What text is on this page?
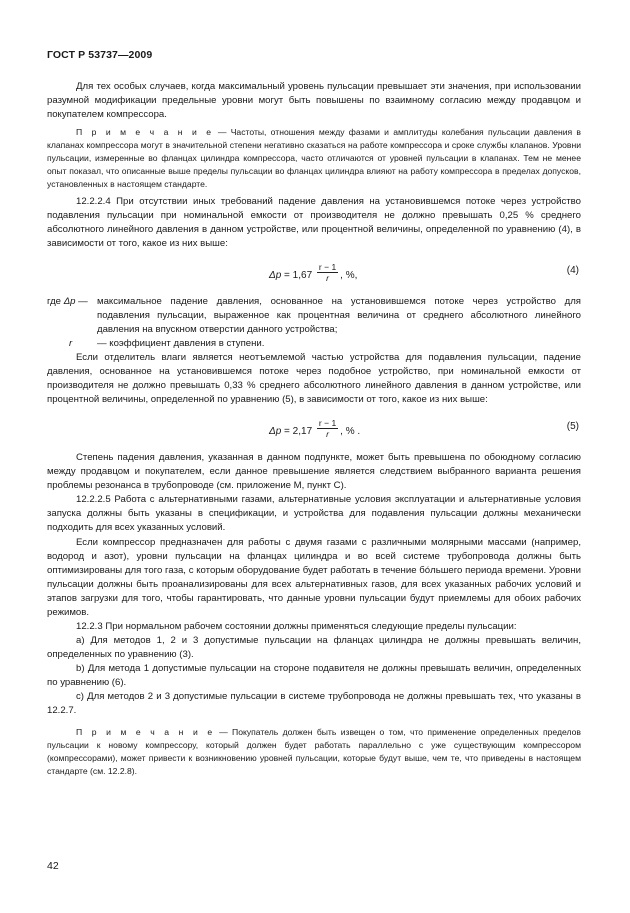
ГОСТ Р 53737—2009

Для тех особых случаев, когда максимальный уровень пульсации превышает эти значения, при использовании разумной модификации предельные уровни могут быть повышены по взаимному согласию между продавцом и покупателем компрессора.

П р и м е ч а н и е — Частоты, отношения между фазами и амплитуды колебания пульсации давления в клапанах компрессора могут в значительной степени негативно сказаться на работе компрессора и сроке службы клапанов. Уровни пульсации, измеренные во фланцах цилиндра компрессора, часто отличаются от уровней пульсации в клапанах. Тем не менее опыт показал, что описанные выше пределы пульсации во фланцах цилиндра влияют на работу компрессора в пределах допусков, установленных в настоящем стандарте.

12.2.2.4 При отсутствии иных требований падение давления на установившемся потоке через устройство подавления пульсации при номинальной емкости от производителя не должно превышать 0,25 % среднего абсолютного линейного давления в данном устройстве, или процентной величины, определенной по уравнению (4), в зависимости от того, какое из них выше:

$\Delta p = 1,67 \frac{r - 1}{r}$ , %,	(4)
где Δp — максимальное падение давления, основанное на установившемся потоке через устройство для подавления пульсации, выраженное как процентная величина от среднего абсолютного линейного давления на впускном отверстии данного устройства;
r	— коэффициент давления в ступени.

Если отделитель влаги является неотъемлемой частью устройства для подавления пульсации, падение давления, основанное на установившемся потоке через подобное устройство, при номинальной емкости от производителя не должно превышать 0,33 % среднего абсолютного линейного давления в данном устройстве, или процентной величины, определенной по уравнению (5), в зависимости от того, какое из них выше:

$\Delta p = 2,17 \frac{r - 1}{r}$ , % .	(5)

Степень падения давления, указанная в данном подпункте, может быть превышена по обоюдному согласию между продавцом и покупателем, если данное превышение является следствием выбранного варианта решения проблемы резонанса в трубопроводе (см. приложение М, пункт С).

12.2.2.5 Работа с альтернативными газами, альтернативные условия эксплуатации и альтернативные условия запуска должны быть указаны в спецификации, и устройства для подавления пульсации должны механически подходить для всех указанных условий.

Если компрессор предназначен для работы с двумя газами с различными молярными массами (например, водород и азот), уровни пульсации на фланцах цилиндра и во всей системе трубопровода должны быть оптимизированы для того газа, с которым оборудование будет работать в течение бóльшего периода времени. Уровни пульсации должны быть проанализированы для всех альтернативных газов, для всех указанных рабочих условий и этапов загрузки для того, чтобы гарантировать, что данные уровни пульсации будут приемлемы для обоих рабочих режимов.

12.2.3 При нормальном рабочем состоянии должны применяться следующие пределы пульсации:

a) Для методов 1, 2 и 3 допустимые пульсации на фланцах цилиндра не должны превышать величин, определенных по уравнению (3).

b) Для метода 1 допустимые пульсации на стороне подавителя не должны превышать величин, определенных по уравнению (6).

c) Для методов 2 и 3 допустимые пульсации в системе трубопровода не должны превышать тех, что указаны в 12.2.7.

П р и м е ч а н и е — Покупатель должен быть извещен о том, что применение определенных пределов пульсации к новому компрессору, который должен будет работать параллельно с уже существующим компрессором (компрессорами), может привести к возникновению уровней пульсации, которые будут выше, чем те, что приведены в настоящем стандарте (см. 12.2.8).

42
